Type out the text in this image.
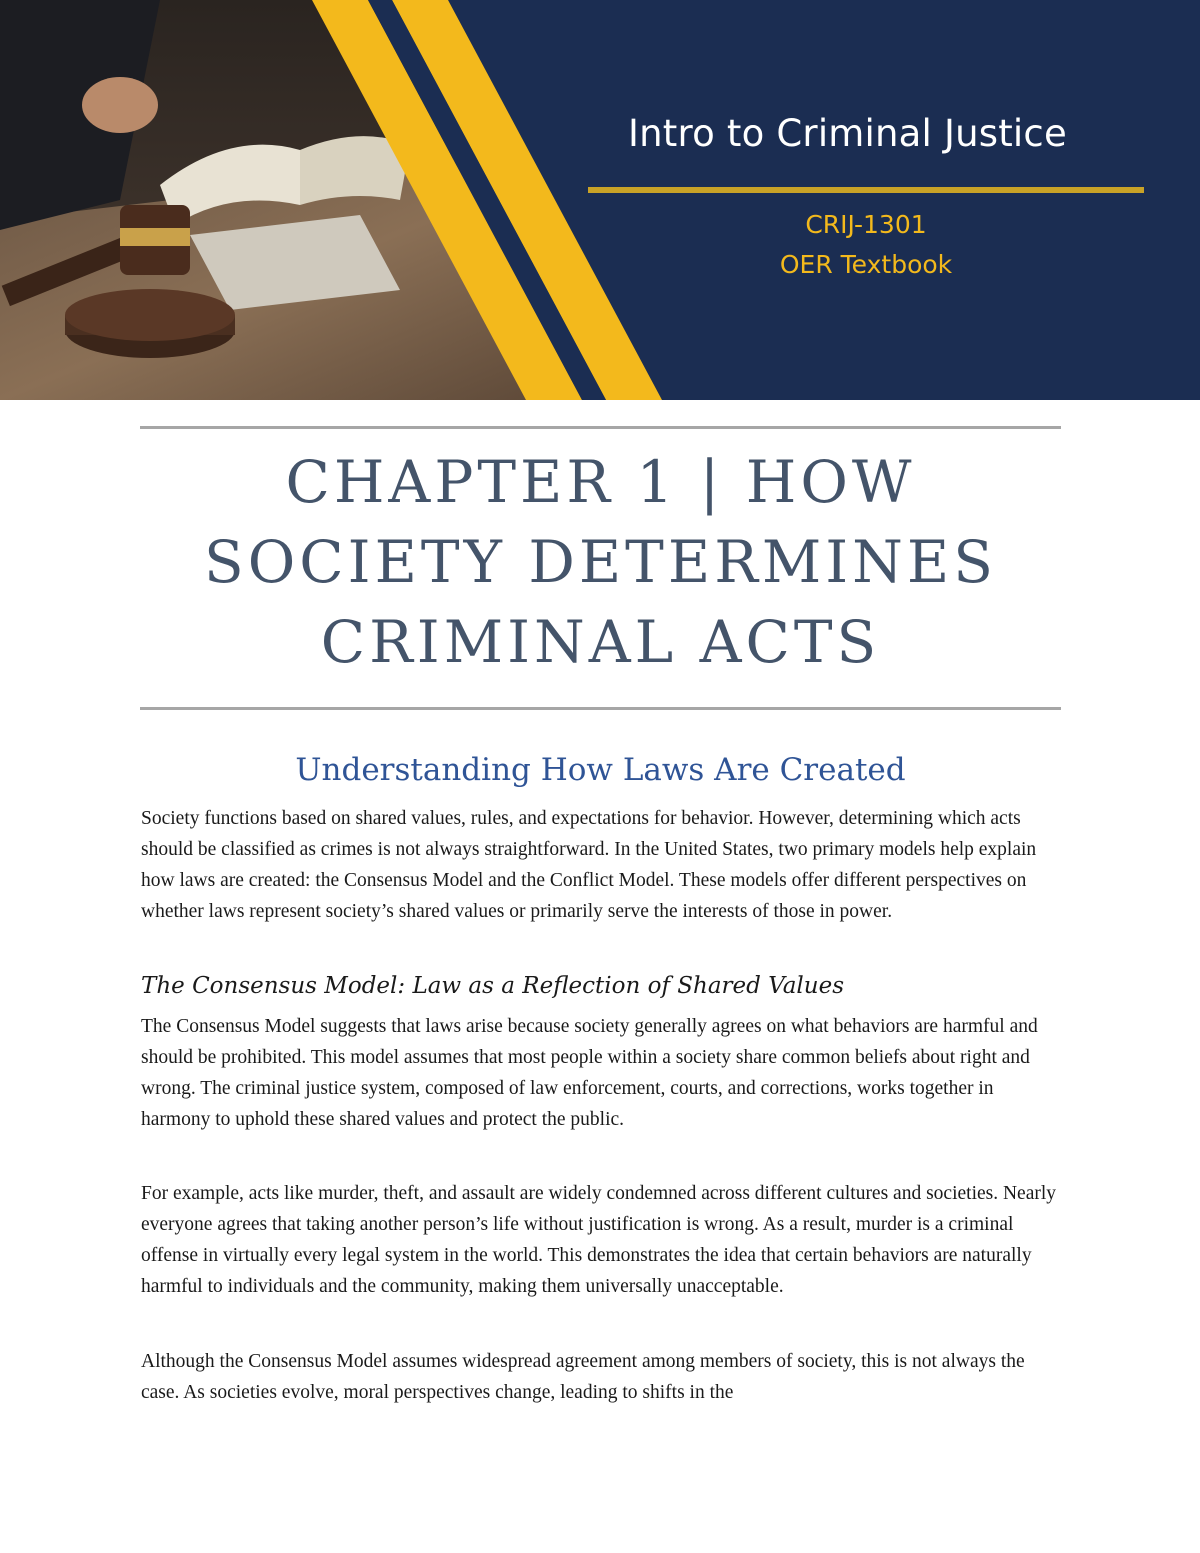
Intro to Criminal Justice
CRIJ-1301
OER Textbook
CHAPTER 1 | HOW SOCIETY DETERMINES CRIMINAL ACTS
Understanding How Laws Are Created

Society functions based on shared values, rules, and expectations for behavior. However, determining which acts should be classified as crimes is not always straightforward. In the United States, two primary models help explain how laws are created: the Consensus Model and the Conflict Model. These models offer different perspectives on whether laws represent society’s shared values or primarily serve the interests of those in power.

The Consensus Model: Law as a Reflection of Shared Values

The Consensus Model suggests that laws arise because society generally agrees on what behaviors are harmful and should be prohibited. This model assumes that most people within a society share common beliefs about right and wrong. The criminal justice system, composed of law enforcement, courts, and corrections, works together in harmony to uphold these shared values and protect the public.

For example, acts like murder, theft, and assault are widely condemned across different cultures and societies. Nearly everyone agrees that taking another person’s life without justification is wrong. As a result, murder is a criminal offense in virtually every legal system in the world. This demonstrates the idea that certain behaviors are naturally harmful to individuals and the community, making them universally unacceptable.

Although the Consensus Model assumes widespread agreement among members of society, this is not always the case. As societies evolve, moral perspectives change, leading to shifts in the
